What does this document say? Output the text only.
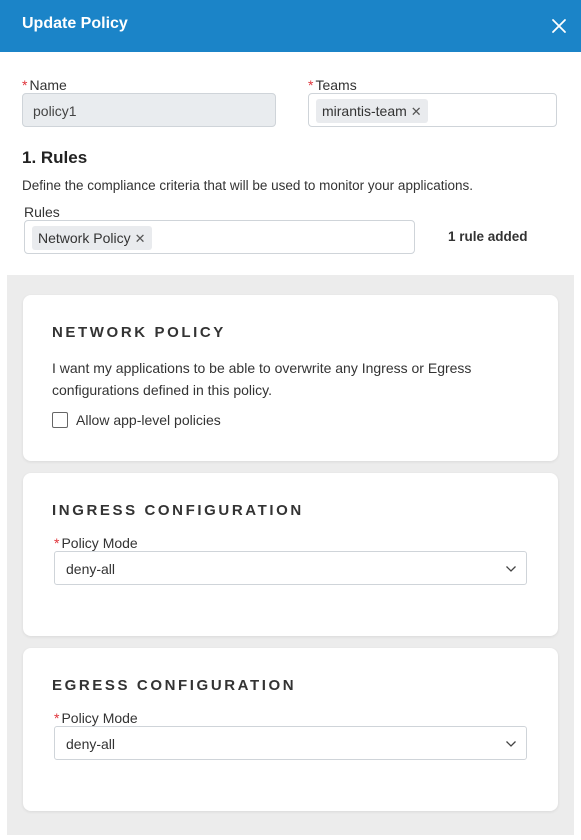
Update Policy
* Name
policy1
* Teams
mirantis-team ✕
1. Rules
Define the compliance criteria that will be used to monitor your applications.
Rules
Network Policy ✕	1 rule added
NETWORK POLICY
I want my applications to be able to overwrite any Ingress or Egress configurations defined in this policy.
Allow app-level policies
INGRESS CONFIGURATION
* Policy Mode
deny-all
EGRESS CONFIGURATION
* Policy Mode
deny-all
